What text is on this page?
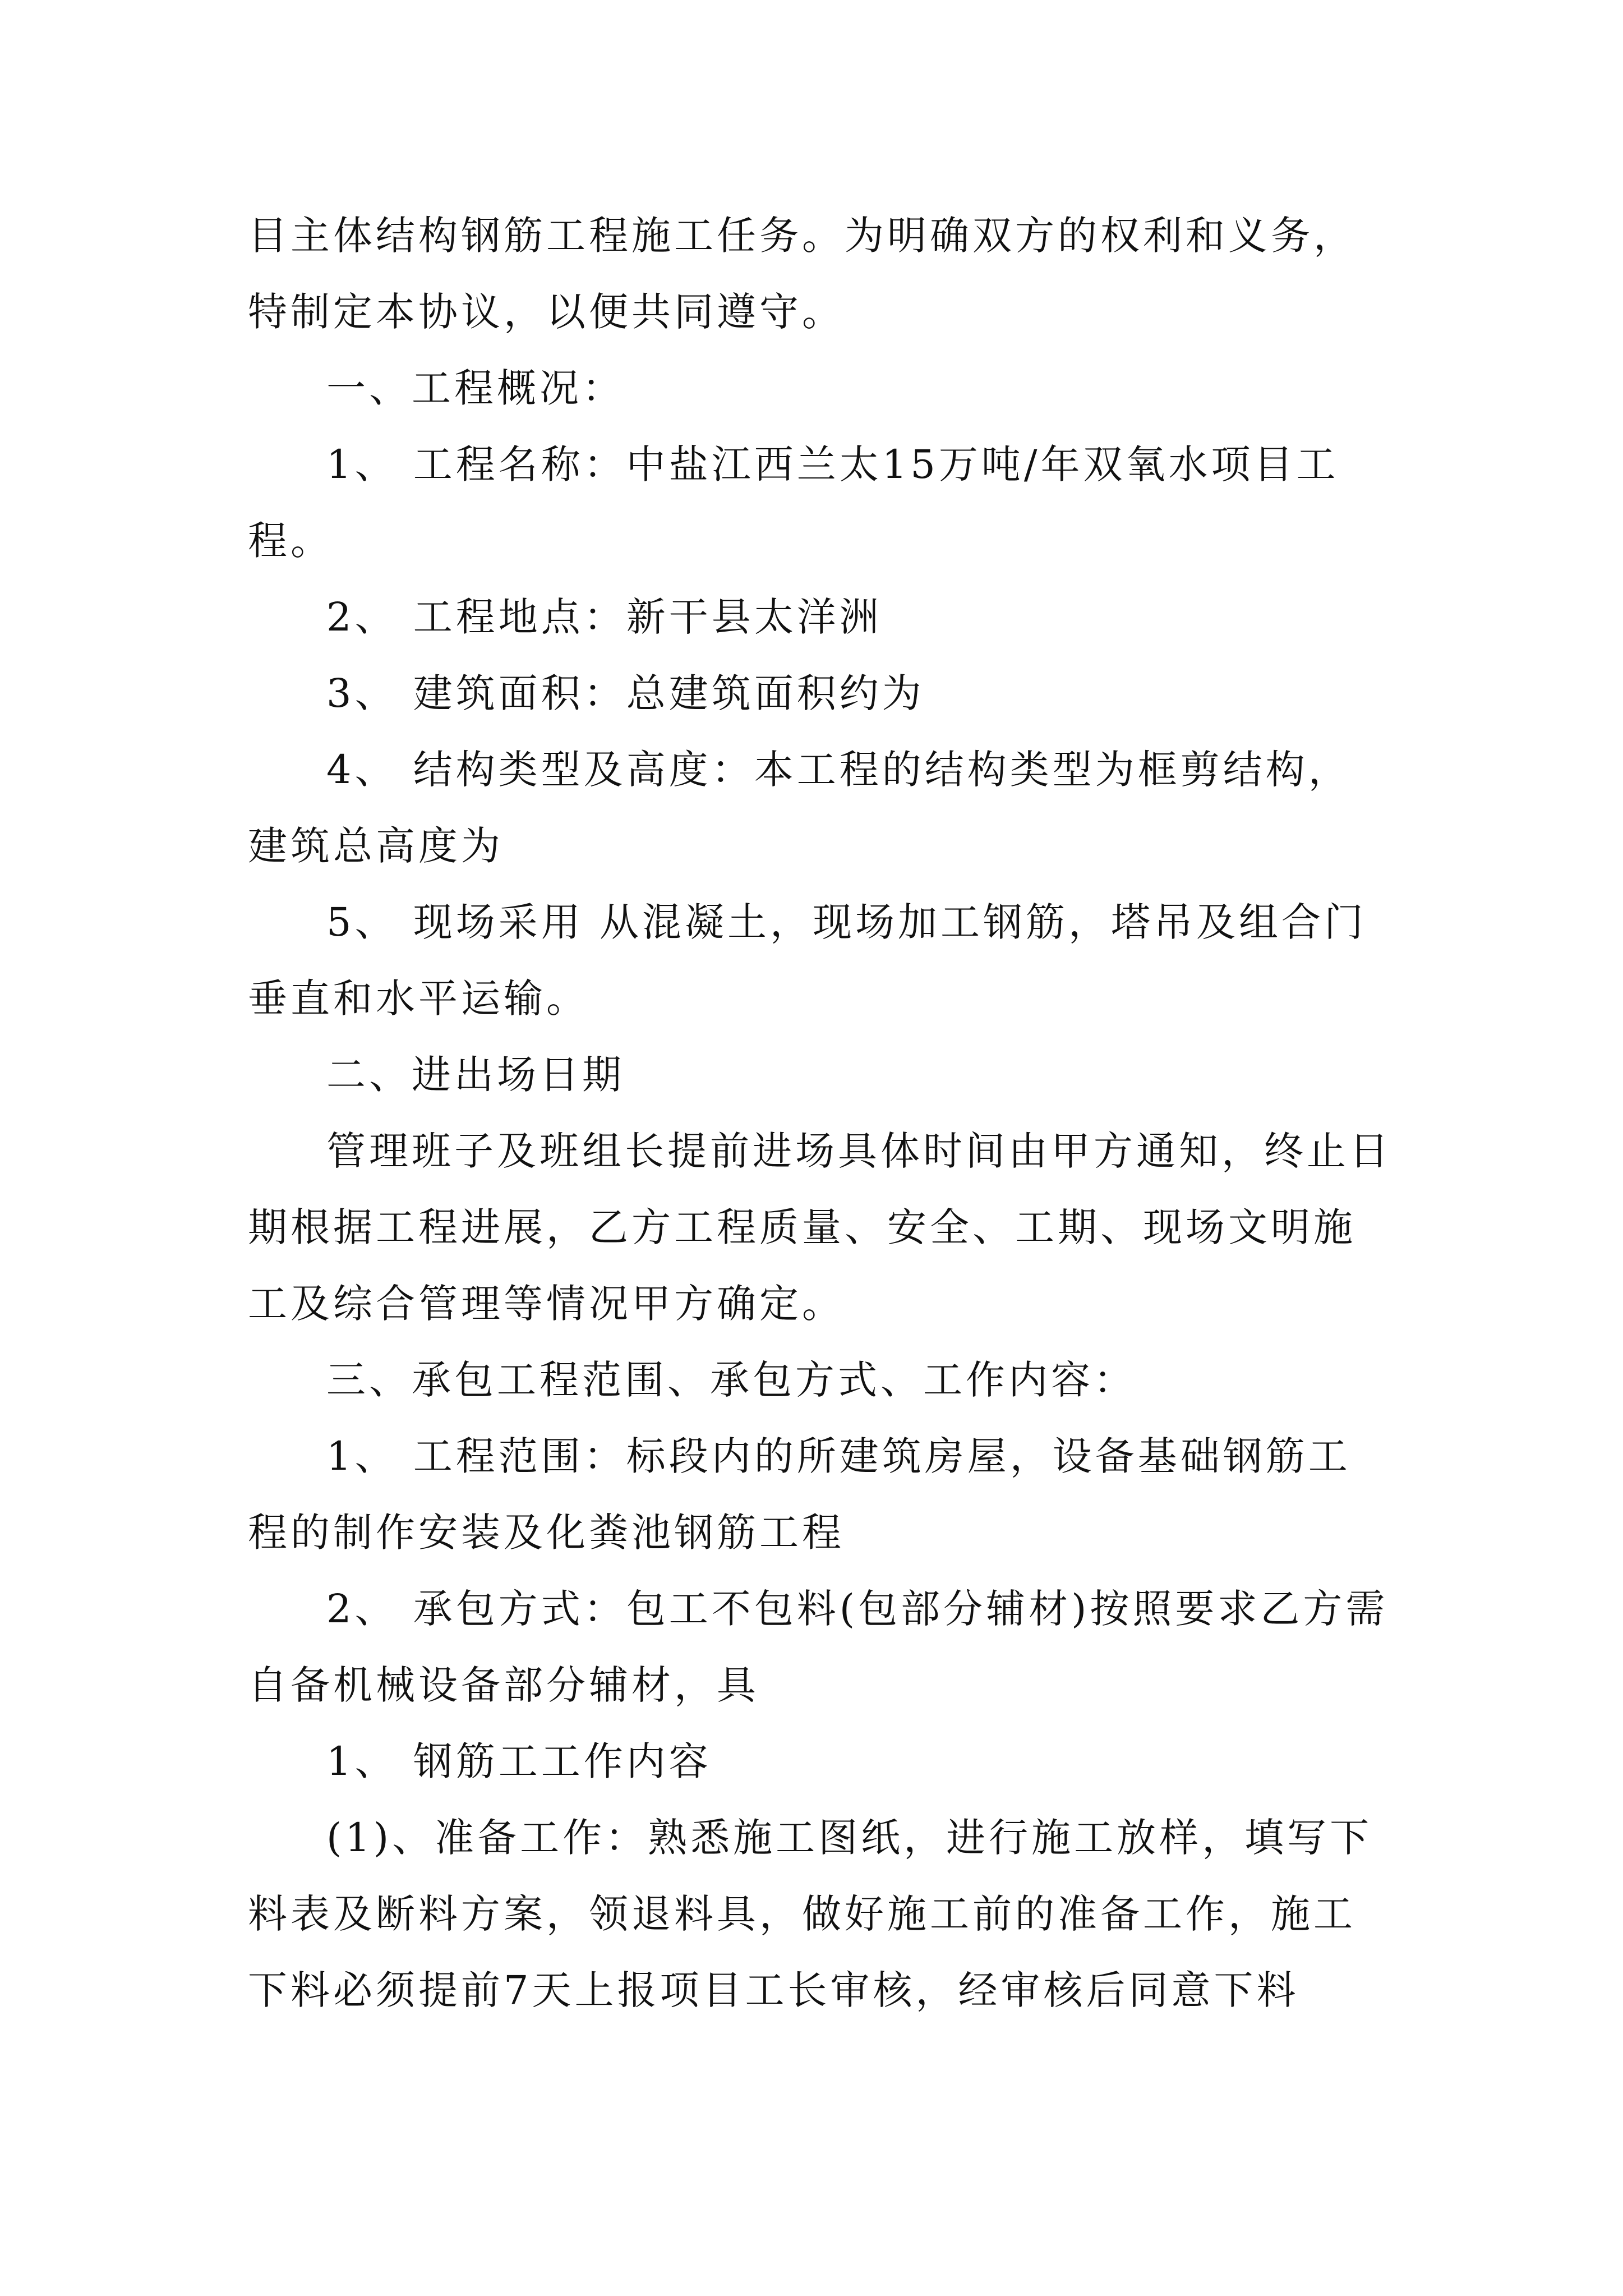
目主体结构钢筋工程施工任务。为明确双方的权利和义务，特制定本协议，以便共同遵守。

一、工程概况：

1、 工程名称：中盐江西兰太15万吨/年双氧水项目工程。

2、 工程地点：新干县太洋洲

3、 建筑面积：总建筑面积约为

4、 结构类型及高度：本工程的结构类型为框剪结构，建筑总高度为

5、 现场采用 从混凝土，现场加工钢筋，塔吊及组合门垂直和水平运输。

二、进出场日期

管理班子及班组长提前进场具体时间由甲方通知，终止日期根据工程进展，乙方工程质量、安全、工期、现场文明施工及综合管理等情况甲方确定。

三、承包工程范围、承包方式、工作内容：

1、 工程范围：标段内的所建筑房屋，设备基础钢筋工程的制作安装及化粪池钢筋工程

2、 承包方式：包工不包料(包部分辅材)按照要求乙方需自备机械设备部分辅材，具

1、 钢筋工工作内容

(1)、准备工作：熟悉施工图纸，进行施工放样，填写下料表及断料方案，领退料具，做好施工前的准备工作，施工下料必须提前7天上报项目工长审核，经审核后同意下料
